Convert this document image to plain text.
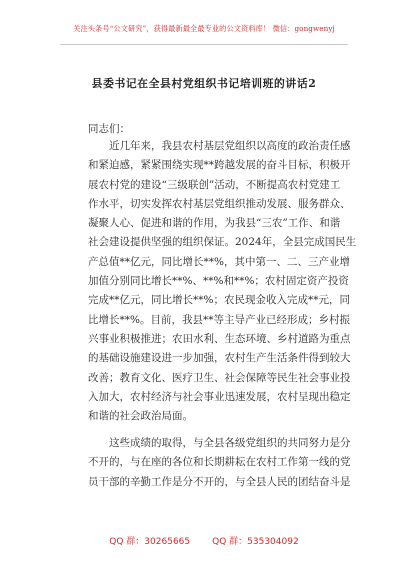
关注头条号“公文研究”，获得最新最全最专业的公文资料库！ 微信：gongwenyj
县委书记在全县村党组织书记培训班的讲话2
同志们：
近几年来，我县农村基层党组织以高度的政治责任感
和紧迫感，紧紧围绕实现**跨越发展的奋斗目标，积极开
展农村党的建设“三级联创”活动，不断提高农村党建工
作水平，切实发挥农村基层党组织推动发展、服务群众、
凝聚人心、促进和谐的作用，为我县“三农”工作、和谐
社会建设提供坚强的组织保证。2024年，全县完成国民生
产总值**亿元，同比增长**%，其中第一、二、三产业增
加值分别同比增长**%、**%和**%；农村固定资产投资
完成**亿元，同比增长**%；农民现金收入完成**元，同
比增长**%。目前，我县**等主导产业已经形成；乡村振
兴事业积极推进；农田水利、生态环境、乡村道路为重点
的基础设施建设进一步加强，农村生产生活条件得到较大
改善；教育文化、医疗卫生、社会保障等民生社会事业投
入加大，农村经济与社会事业迅速发展，农村呈现出稳定
和谐的社会政治局面。
这些成绩的取得，与全县各级党组织的共同努力是分
不开的，与在座的各位和长期耕耘在农村工作第一线的党
员干部的辛勤工作是分不开的，与全县人民的团结奋斗是
QQ 群：30265665 QQ 群：535304092
